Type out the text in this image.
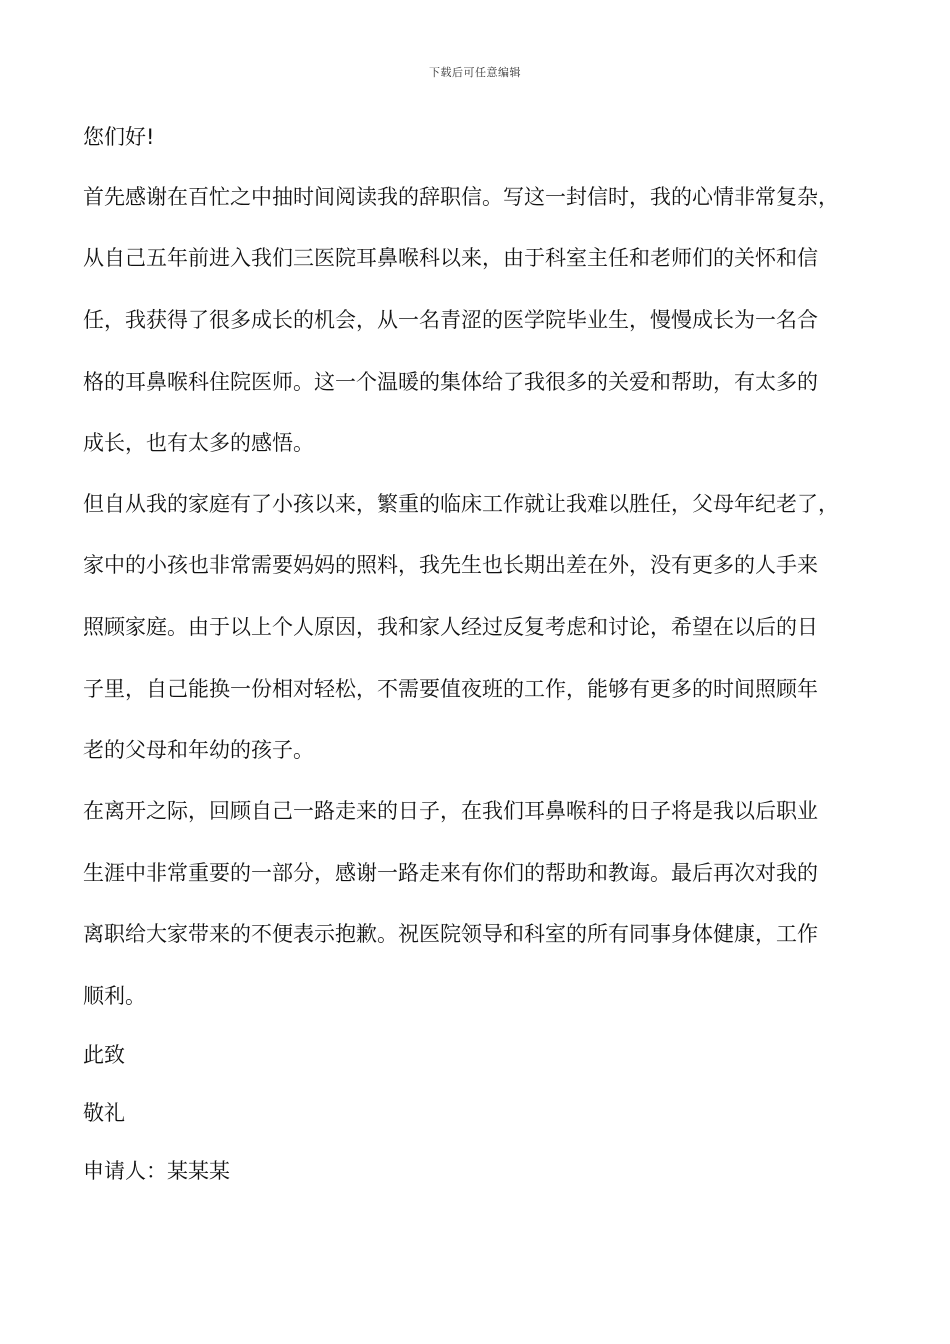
下载后可任意编辑
您们好!
首先感谢在百忙之中抽时间阅读我的辞职信。写这一封信时，我的心情非常复杂，
从自己五年前进入我们三医院耳鼻喉科以来，由于科室主任和老师们的关怀和信
任，我获得了很多成长的机会，从一名青涩的医学院毕业生，慢慢成长为一名合
格的耳鼻喉科住院医师。这一个温暖的集体给了我很多的关爱和帮助，有太多的
成长，也有太多的感悟。
但自从我的家庭有了小孩以来，繁重的临床工作就让我难以胜任，父母年纪老了，
家中的小孩也非常需要妈妈的照料，我先生也长期出差在外，没有更多的人手来
照顾家庭。由于以上个人原因，我和家人经过反复考虑和讨论，希望在以后的日
子里，自己能换一份相对轻松，不需要值夜班的工作，能够有更多的时间照顾年
老的父母和年幼的孩子。
在离开之际，回顾自己一路走来的日子，在我们耳鼻喉科的日子将是我以后职业
生涯中非常重要的一部分，感谢一路走来有你们的帮助和教诲。最后再次对我的
离职给大家带来的不便表示抱歉。祝医院领导和科室的所有同事身体健康，工作
顺利。
此致
敬礼
申请人：某某某
